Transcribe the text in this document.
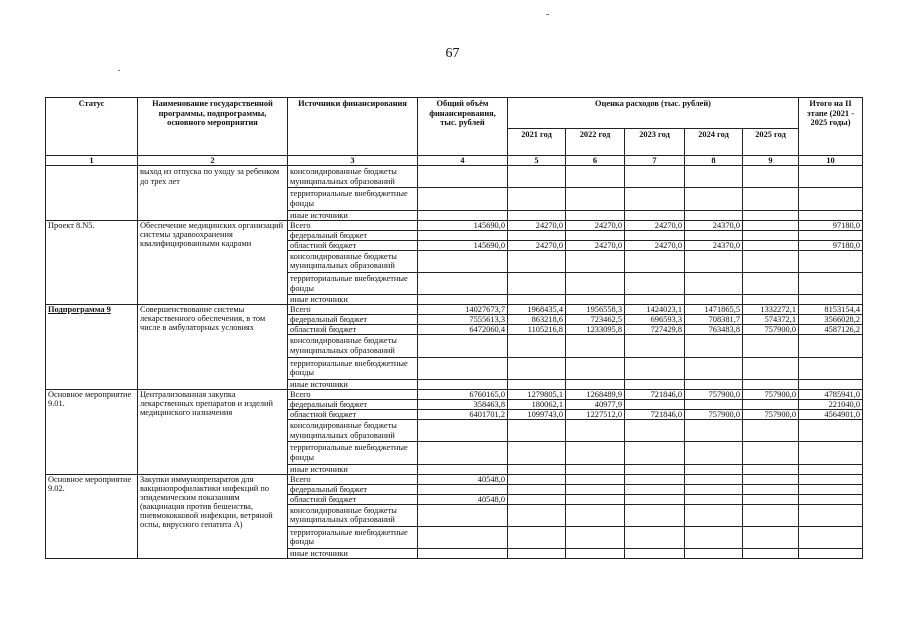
67
Статус	Наименование государственной программы, подпрограммы, основного мероприятия	Источники финансирования	Общий объём финансирования, тыс. рублей	Оценка расходов (тыс. рублей)					Итого на II этапе (2021 - 2025 годы)
				2021 год	2022 год	2023 год	2024 год	2025 год	
1	2	3	4	5	6	7	8	9	10
	выход из отпуска по уходу за ребенком до трех лет	консолидированные бюджеты муниципальных образований							
		территориальные внебюджетные фонды							
		иные источники							
Проект 8.N5.	Обеспечение медицинских организаций системы здравоохранения квалифицированными кадрами	Всего	145690,0	24270,0	24270,0	24270,0	24370,0		97180,0
		федеральный бюджет							
		областной бюджет	145690,0	24270,0	24270,0	24270,0	24370,0		97180,0
		консолидированные бюджеты муниципальных образований							
		территориальные внебюджетные фонды							
		иные источники							
Подпрограмма 9	Совершенствование системы лекарственного обеспечения, в том числе в амбулаторных условиях	Всего	14027673,7	1968435,4	1956558,3	1424023,1	1471865,5	1332272,1	8153154,4
		федеральный бюджет	7555613,3	863218,6	723462,5	696593,3	708381,7	574372,1	3566028,2
		областной бюджет	6472060,4	1105216,8	1233095,8	727429,8	763483,8	757900,0	4587126,2
		консолидированные бюджеты муниципальных образований							
		территориальные внебюджетные фонды							
		иные источники							
Основное мероприятие 9.01.	Централизованная закупка лекарственных препаратов и изделий медицинского назначения	Всего	6760165,0	1279805,1	1268489,9	721846,0	757900,0	757900,0	4785941,0
		федеральный бюджет	358463,8	180062,1	40977,9				221040,0
		областной бюджет	6401701,2	1099743,0	1227512,0	721846,0	757900,0	757900,0	4564901,0
		консолидированные бюджеты муниципальных образований							
		территориальные внебюджетные фонды							
		иные источники							
Основное мероприятие 9.02.	Закупки иммунопрепаратов для вакцинопрофилактики инфекций по эпидемическим показаниям (вакцинация против бешенства, пневмококковой инфекции, ветряной оспы, вирусного гепатита А)	Всего	40548,0						
		федеральный бюджет							
		областной бюджет	40548,0						
		консолидированные бюджеты муниципальных образований							
		территориальные внебюджетные фонды							
		иные источники							
